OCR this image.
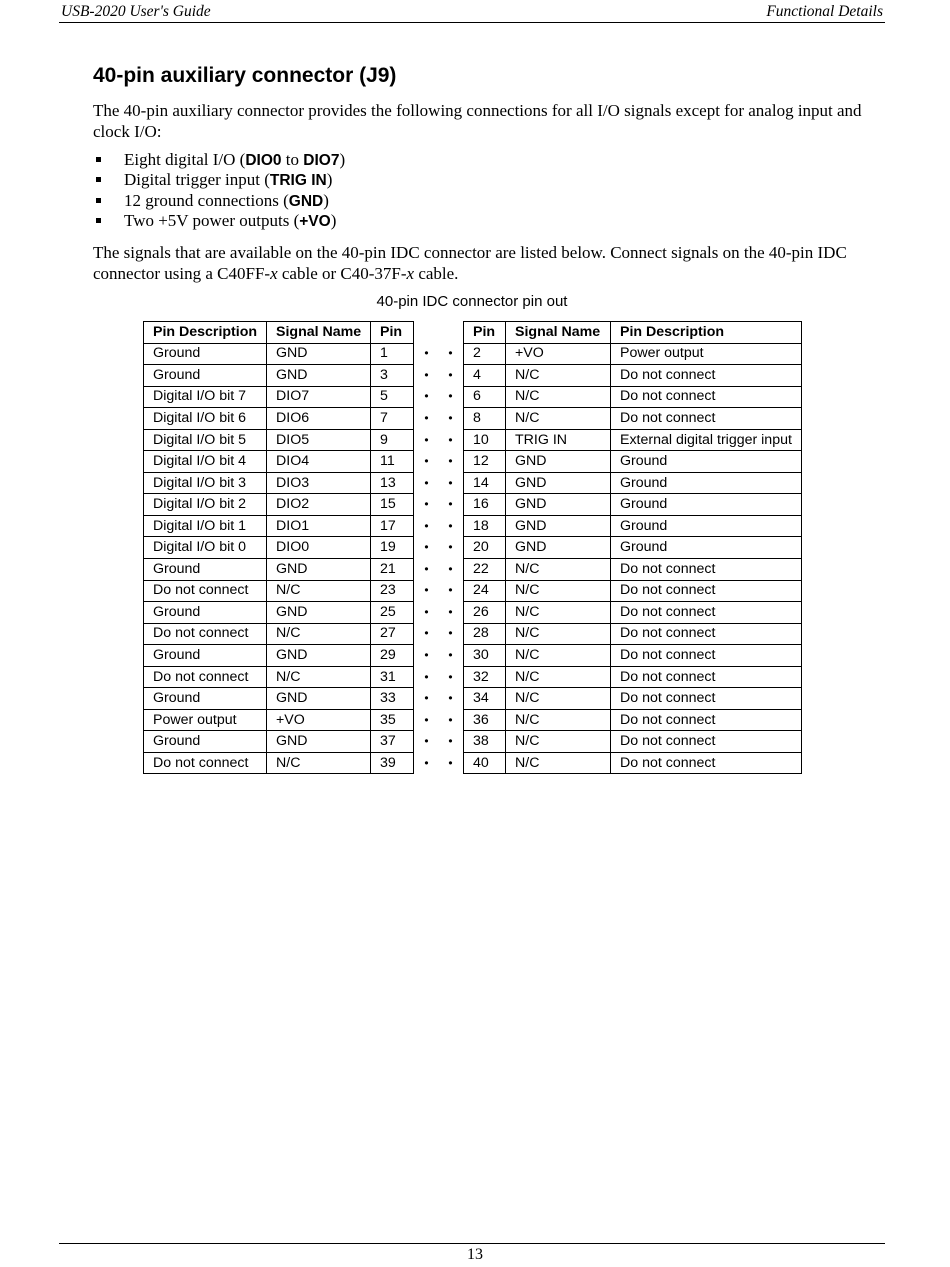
USB-2020 User's Guide	Functional Details
40-pin auxiliary connector (J9)

The 40-pin auxiliary connector provides the following connections for all I/O signals except for analog input and clock I/O:

Eight digital I/O (DIO0 to DIO7)
Digital trigger input (TRIG IN)
12 ground connections (GND)
Two +5V power outputs (+VO)

The signals that are available on the 40-pin IDC connector are listed below. Connect signals on the 40-pin IDC connector using a C40FF-x cable or C40-37F-x cable.

40-pin IDC connector pin out
Pin Description	Signal Name	Pin		Pin	Signal Name	Pin Description
Ground	GND	1	• •	2	+VO	Power output
Ground	GND	3	• •	4	N/C	Do not connect
Digital I/O bit 7	DIO7	5	• •	6	N/C	Do not connect
Digital I/O bit 6	DIO6	7	• •	8	N/C	Do not connect
Digital I/O bit 5	DIO5	9	• •	10	TRIG IN	External digital trigger input
Digital I/O bit 4	DIO4	11	• •	12	GND	Ground
Digital I/O bit 3	DIO3	13	• •	14	GND	Ground
Digital I/O bit 2	DIO2	15	• •	16	GND	Ground
Digital I/O bit 1	DIO1	17	• •	18	GND	Ground
Digital I/O bit 0	DIO0	19	• •	20	GND	Ground
Ground	GND	21	• •	22	N/C	Do not connect
Do not connect	N/C	23	• •	24	N/C	Do not connect
Ground	GND	25	• •	26	N/C	Do not connect
Do not connect	N/C	27	• •	28	N/C	Do not connect
Ground	GND	29	• •	30	N/C	Do not connect
Do not connect	N/C	31	• •	32	N/C	Do not connect
Ground	GND	33	• •	34	N/C	Do not connect
Power output	+VO	35	• •	36	N/C	Do not connect
Ground	GND	37	• •	38	N/C	Do not connect
Do not connect	N/C	39	• •	40	N/C	Do not connect
13
